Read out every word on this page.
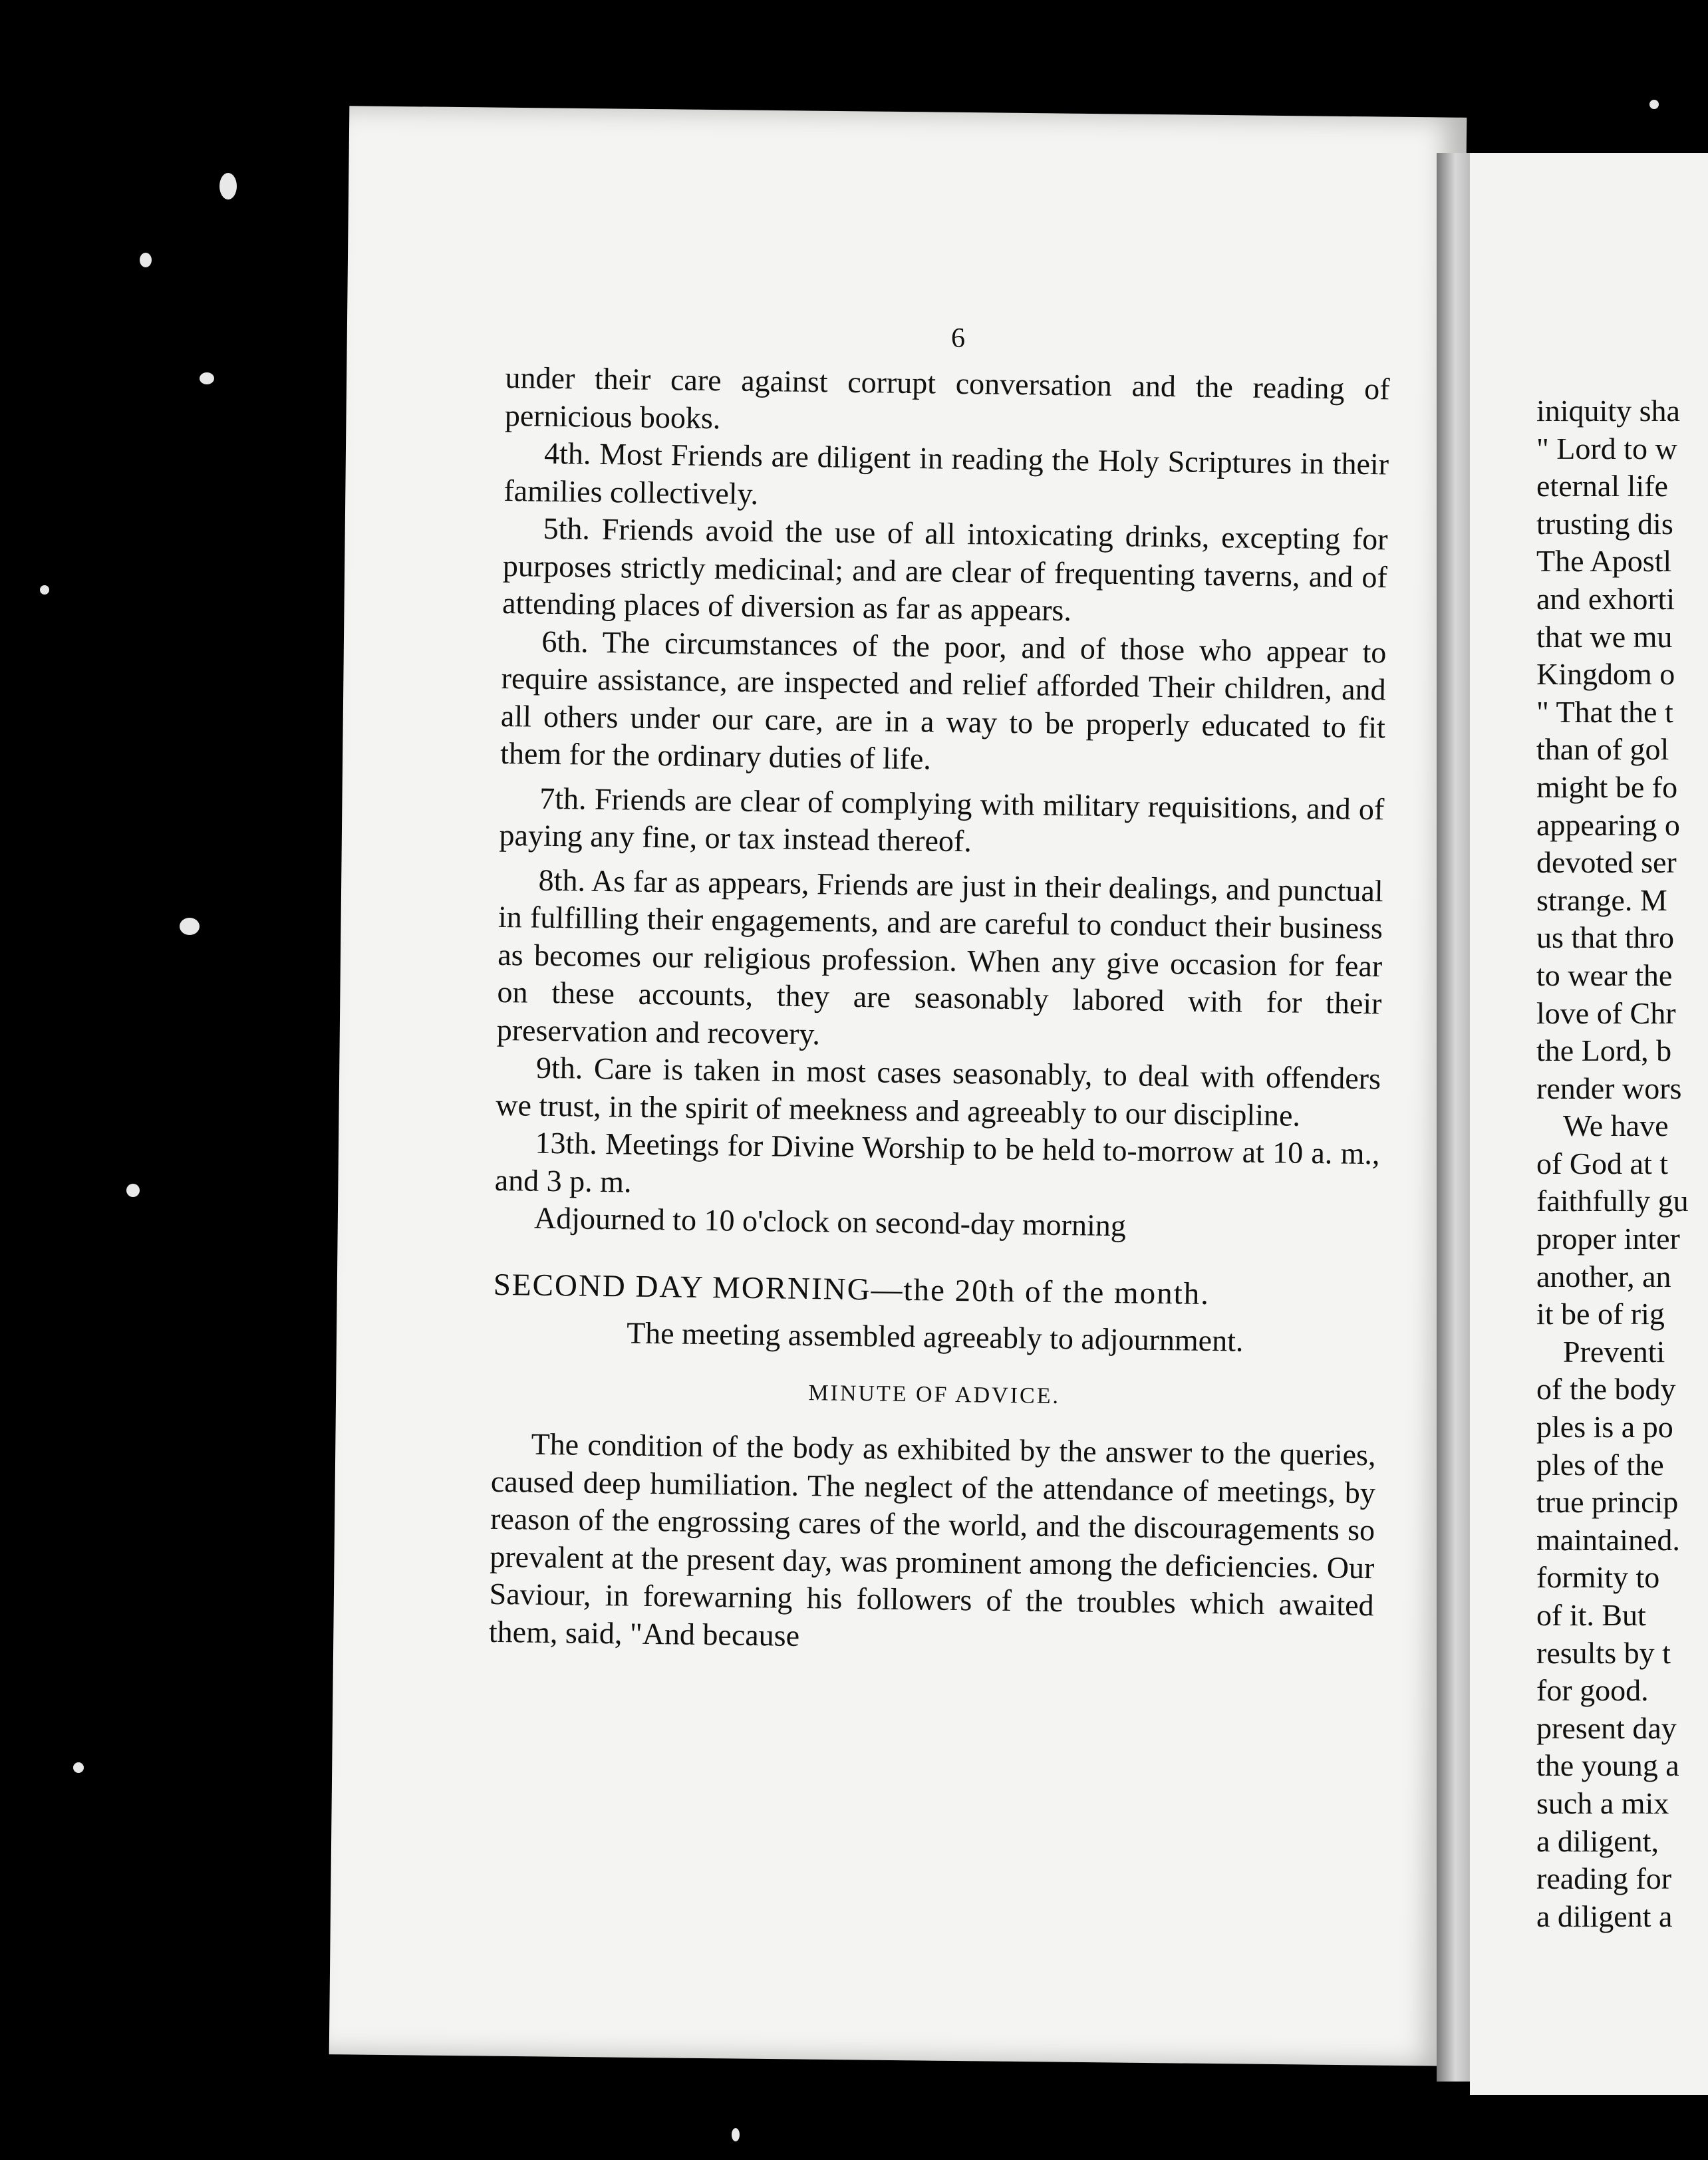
6

under their care against corrupt conversation and the reading of pernicious books.

4th. Most Friends are diligent in reading the Holy Scriptures in their families collectively.

5th. Friends avoid the use of all intoxicating drinks, excepting for purposes strictly medicinal; and are clear of frequenting taverns, and of attending places of diversion as far as appears.

6th. The circumstances of the poor, and of those who appear to require assistance, are inspected and relief afforded Their children, and all others under our care, are in a way to be properly educated to fit them for the ordinary duties of life.

7th. Friends are clear of complying with military requisitions, and of paying any fine, or tax instead thereof.

8th. As far as appears, Friends are just in their dealings, and punctual in fulfilling their engagements, and are careful to conduct their business as becomes our religious profession. When any give occasion for fear on these accounts, they are seasonably labored with for their preservation and recovery.

9th. Care is taken in most cases seasonably, to deal with offenders we trust, in the spirit of meekness and agreeably to our discipline.

13th. Meetings for Divine Worship to be held to-morrow at 10 a. m., and 3 p. m.

Adjourned to 10 o'clock on second-day morning

SECOND DAY MORNING—the 20th of the month.
The meeting assembled agreeably to adjournment.
MINUTE OF ADVICE.

The condition of the body as exhibited by the answer to the queries, caused deep humiliation. The neglect of the attendance of meetings, by reason of the engrossing cares of the world, and the discouragements so prevalent at the present day, was prominent among the deficiencies. Our Saviour, in forewarning his followers of the troubles which awaited them, said, "And because

iniquity sha
" Lord to w
eternal life
trusting dis
The Apostl
and exhorti
that we mu
Kingdom o
" That the t
than of gol
might be fo
appearing o
devoted ser
strange. M
us that thro
to wear the
love of Chr
the Lord, b
render wors
We have
of God at t
faithfully gu
proper inter
another, an
it be of rig
Preventi
of the body
ples is a po
ples of the
true princip
maintained.
formity to
of it. But
results by t
for good.
present day
the young a
such a mix
a diligent,
reading for
a diligent a
